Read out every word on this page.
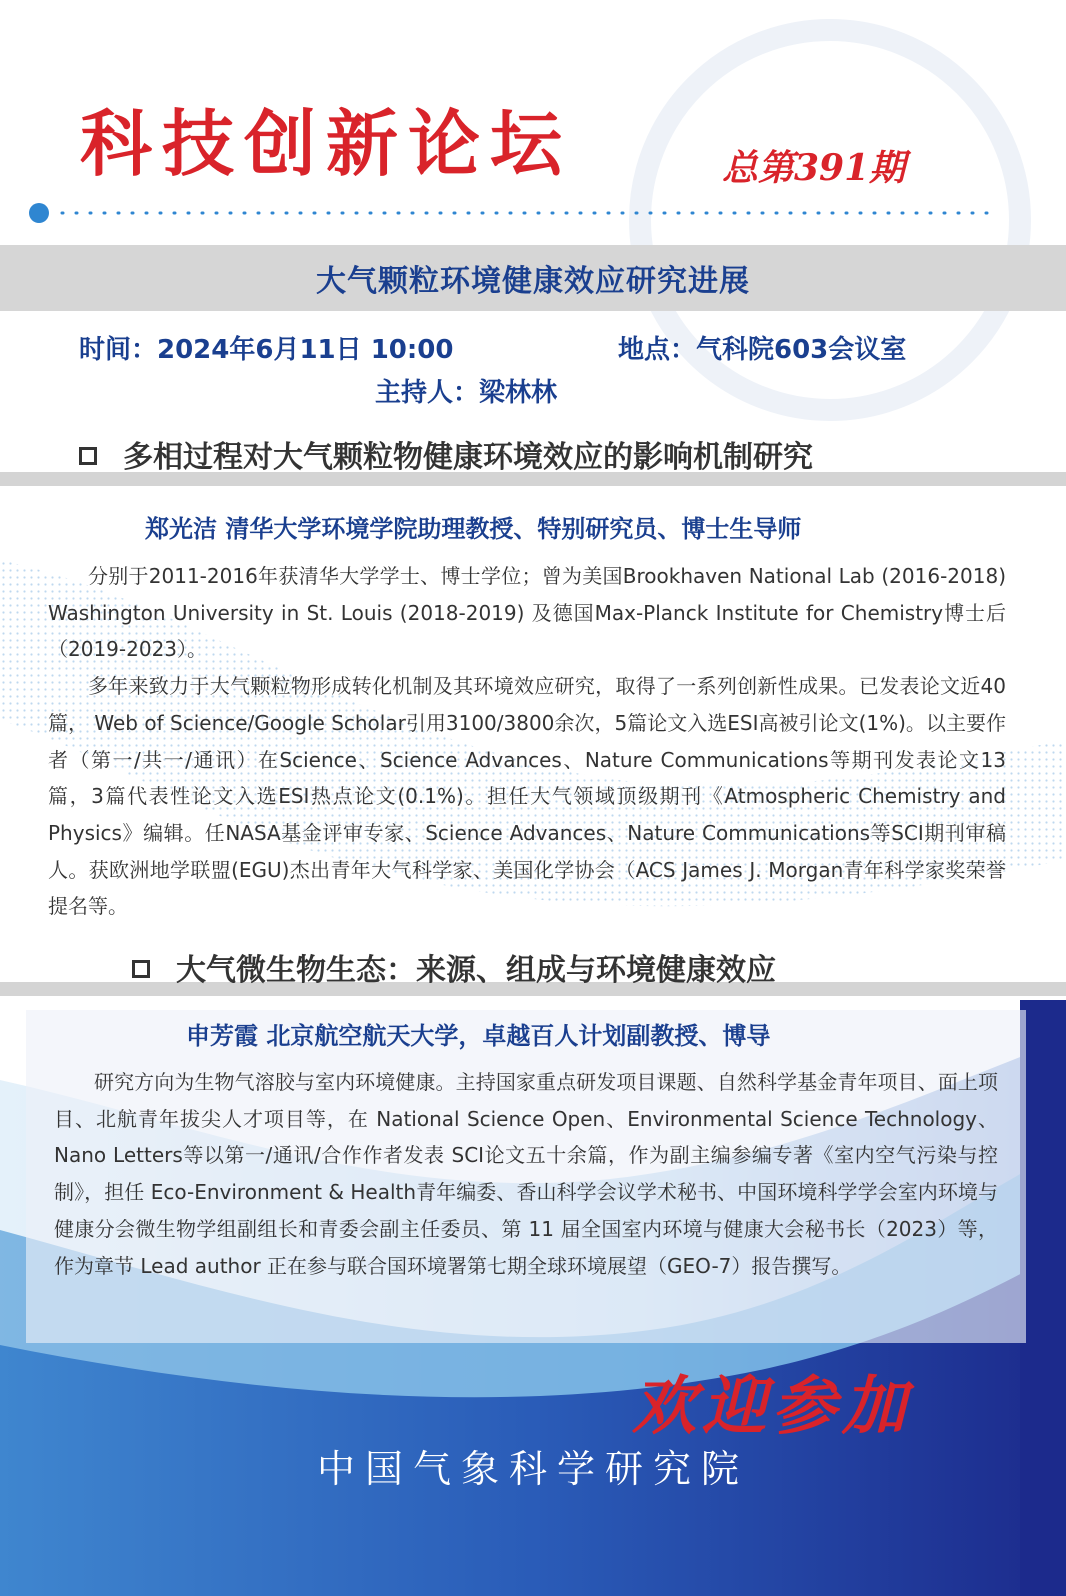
科技创新论坛	总第391期
大气颗粒环境健康效应研究进展
时间：2024年6月11日 10:00	地点：气科院603会议室
主持人：梁林林
多相过程对大气颗粒物健康环境效应的影响机制研究
郑光洁 清华大学环境学院助理教授、特别研究员、博士生导师

分别于2011-2016年获清华大学学士、博士学位；曾为美国Brookhaven National Lab (2016-2018) Washington University in St. Louis (2018-2019) 及德国Max-Planck Institute for Chemistry博士后（2019-2023）。

多年来致力于大气颗粒物形成转化机制及其环境效应研究，取得了一系列创新性成果。已发表论文近40篇， Web of Science/Google Scholar引用3100/3800余次，5篇论文入选ESI高被引论文(1%)。以主要作者（第一/共一/通讯）在Science、Science Advances、Nature Communications等期刊发表论文13篇，3篇代表性论文入选ESI热点论文(0.1%)。担任大气领域顶级期刊《Atmospheric Chemistry and Physics》编辑。任NASA基金评审专家、Science Advances、Nature Communications等SCI期刊审稿人。获欧洲地学联盟(EGU)杰出青年大气科学家、美国化学协会（ACS James J. Morgan青年科学家奖荣誉提名等。

大气微生物生态：来源、组成与环境健康效应
申芳霞 北京航空航天大学，卓越百人计划副教授、博导

研究方向为生物气溶胶与室内环境健康。主持国家重点研发项目课题、自然科学基金青年项目、面上项目、北航青年拔尖人才项目等，在 National Science Open、Environmental Science Technology、 Nano Letters等以第一/通讯/合作作者发表 SCI论文五十余篇，作为副主编参编专著《室内空气污染与控制》，担任 Eco-Environment & Health青年编委、香山科学会议学术秘书、中国环境科学学会室内环境与健康分会微生物学组副组长和青委会副主任委员、第 11 届全国室内环境与健康大会秘书长（2023）等，作为章节 Lead author 正在参与联合国环境署第七期全球环境展望（GEO-7）报告撰写。

欢迎参加
中国气象科学研究院
